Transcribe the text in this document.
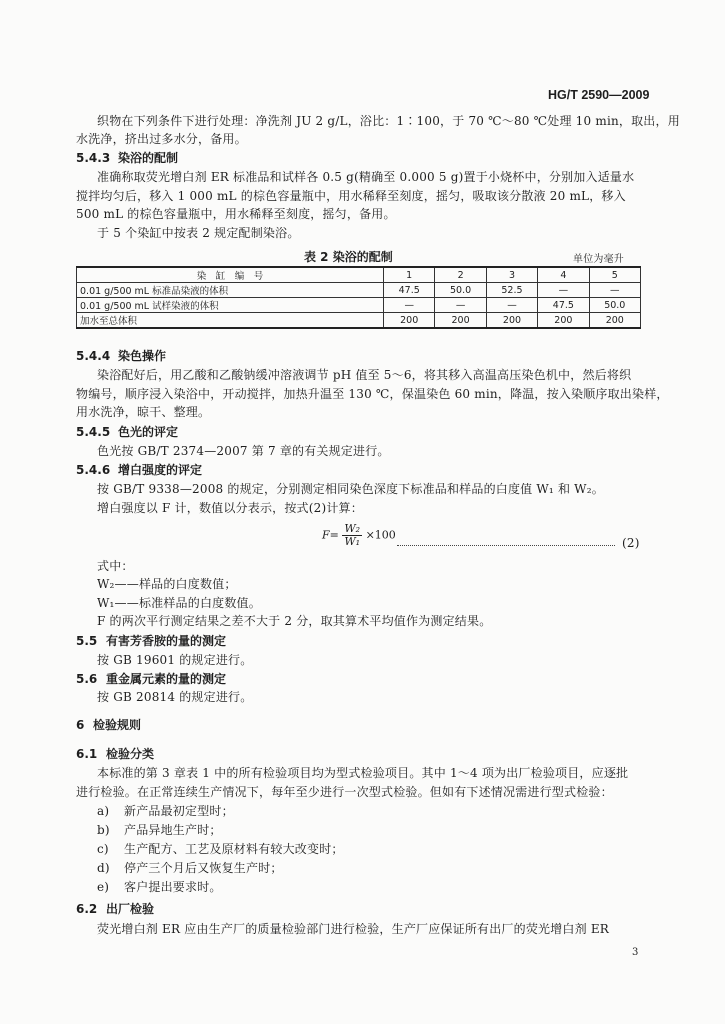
HG/T 2590—2009
织物在下列条件下进行处理：净洗剂 JU 2 g/L，浴比：1∶100，于 70 ℃～80 ℃处理 10 min，取出，用
水洗净，挤出过多水分，备用。
5.4.3 染浴的配制
准确称取荧光增白剂 ER 标准品和试样各 0.5 g(精确至 0.000 5 g)置于小烧杯中，分别加入适量水
搅拌均匀后，移入 1 000 mL 的棕色容量瓶中，用水稀释至刻度，摇匀，吸取该分散液 20 mL，移入
500 mL 的棕色容量瓶中，用水稀释至刻度，摇匀，备用。
于 5 个染缸中按表 2 规定配制染浴。
表 2 染浴的配制	单位为毫升
染　缸　编　号	1	2	3	4	5
0.01 g/500 mL 标准品染液的体积	47.5	50.0	52.5	—	—
0.01 g/500 mL 试样染液的体积	—	—	—	47.5	50.0
加水至总体积	200	200	200	200	200
5.4.4 染色操作
染浴配好后，用乙酸和乙酸钠缓冲溶液调节 pH 值至 5～6，将其移入高温高压染色机中，然后将织
物编号，顺序浸入染浴中，开动搅拌，加热升温至 130 ℃，保温染色 60 min，降温，按入染顺序取出染样，
用水洗净，晾干、整理。
5.4.5 色光的评定
色光按 GB/T 2374—2007 第 7 章的有关规定进行。
5.4.6 增白强度的评定
按 GB/T 9338—2008 的规定，分别测定相同染色深度下标准品和样品的白度值 W₁ 和 W₂。
增白强度以 F 计，数值以分表示，按式(2)计算：
$F= \frac{\text{W₂}}{\text{W₁}} \times 100$
(2)
式中：
W₂——样品的白度数值；
W₁——标准样品的白度数值。
F 的两次平行测定结果之差不大于 2 分，取其算术平均值作为测定结果。
5.5 有害芳香胺的量的测定
按 GB 19601 的规定进行。
5.6 重金属元素的量的测定
按 GB 20814 的规定进行。
6 检验规则
6.1 检验分类
本标准的第 3 章表 1 中的所有检验项目均为型式检验项目。其中 1～4 项为出厂检验项目，应逐批
进行检验。在正常连续生产情况下，每年至少进行一次型式检验。但如有下述情况需进行型式检验：
a) 新产品最初定型时；
b) 产品异地生产时；
c) 生产配方、工艺及原材料有较大改变时；
d) 停产三个月后又恢复生产时；
e) 客户提出要求时。
6.2 出厂检验
荧光增白剂 ER 应由生产厂的质量检验部门进行检验，生产厂应保证所有出厂的荧光增白剂 ER
3
